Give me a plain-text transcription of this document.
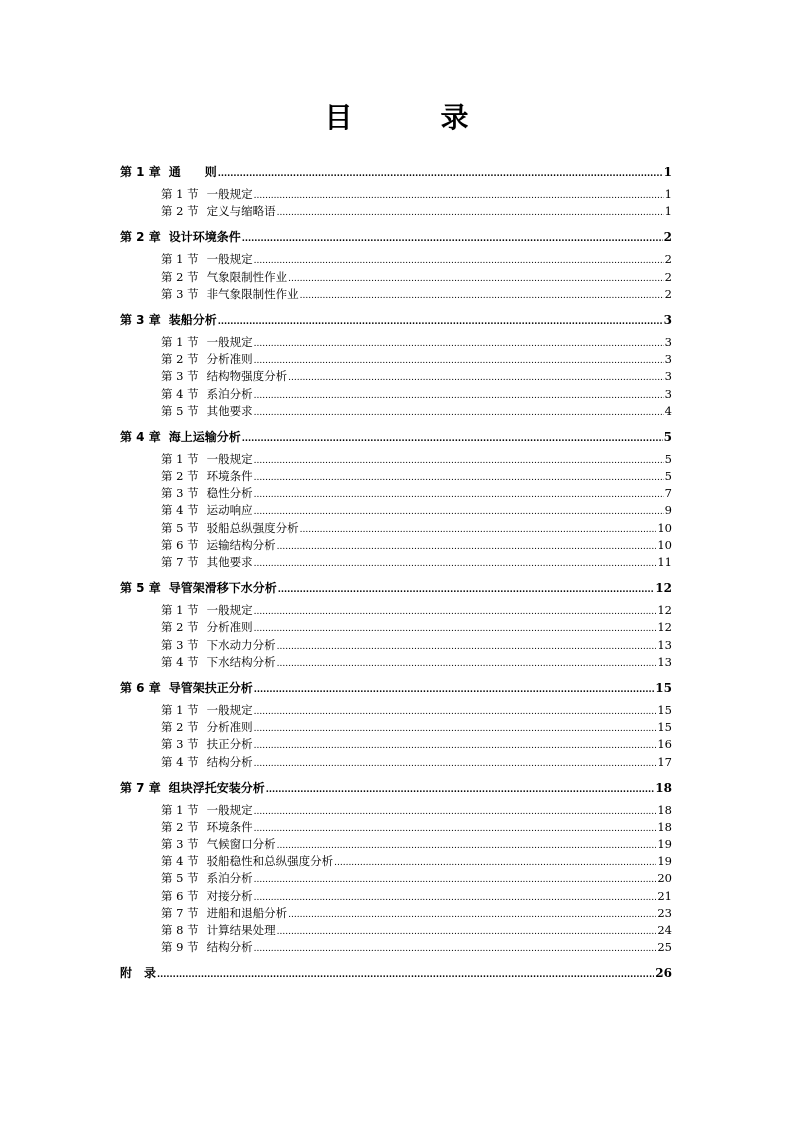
目　录
第 1 章 通　　则 .....	1
第 1 节 一般规定 .....	1
第 2 节 定义与缩略语 .....	1
第 2 章 设计环境条件 .....	2
第 1 节 一般规定 .....	2
第 2 节 气象限制性作业 .....	2
第 3 节 非气象限制性作业 .....	2
第 3 章 装船分析 .....	3
第 1 节 一般规定 .....	3
第 2 节 分析准则 .....	3
第 3 节 结构物强度分析 .....	3
第 4 节 系泊分析 .....	3
第 5 节 其他要求 .....	4
第 4 章 海上运输分析 .....	5
第 1 节 一般规定 .....	5
第 2 节 环境条件 .....	5
第 3 节 稳性分析 .....	7
第 4 节 运动响应 .....	9
第 5 节 驳船总纵强度分析 .....	10
第 6 节 运输结构分析 .....	10
第 7 节 其他要求 .....	11
第 5 章 导管架滑移下水分析 .....	12
第 1 节 一般规定 .....	12
第 2 节 分析准则 .....	12
第 3 节 下水动力分析 .....	13
第 4 节 下水结构分析 .....	13
第 6 章 导管架扶正分析 .....	15
第 1 节 一般规定 .....	15
第 2 节 分析准则 .....	15
第 3 节 扶正分析 .....	16
第 4 节 结构分析 .....	17
第 7 章 组块浮托安装分析 .....	18
第 1 节 一般规定 .....	18
第 2 节 环境条件 .....	18
第 3 节 气候窗口分析 .....	19
第 4 节 驳船稳性和总纵强度分析 .....	19
第 5 节 系泊分析 .....	20
第 6 节 对接分析 .....	21
第 7 节 进船和退船分析 .....	23
第 8 节 计算结果处理 .....	24
第 9 节 结构分析 .....	25
附　录 .....	26
